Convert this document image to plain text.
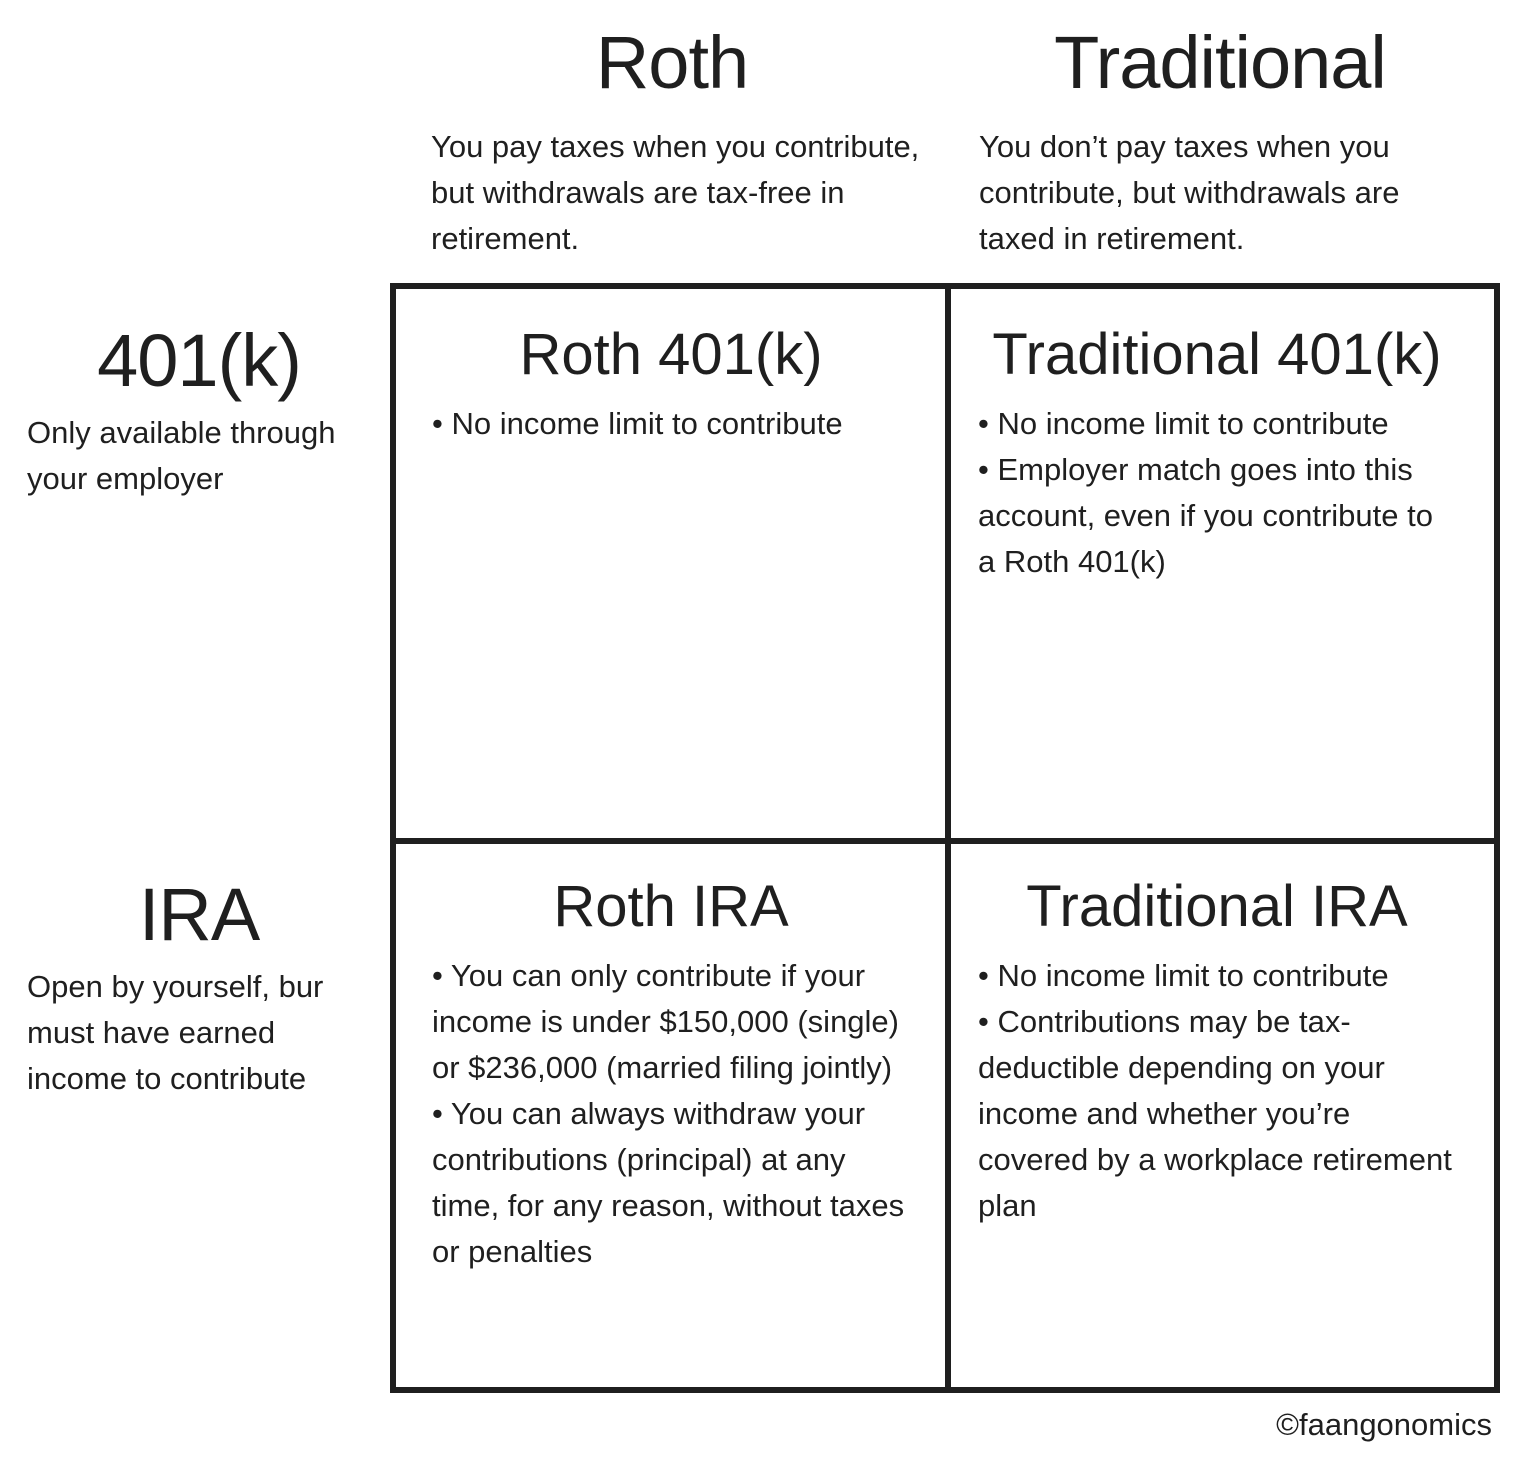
Roth
You pay taxes when you contribute, but withdrawals are tax-free in retirement.
Traditional
You don’t pay taxes when you contribute, but withdrawals are taxed in retirement.
401(k)
Only available through your employer
IRA
Open by yourself, bur must have earned income to contribute
Roth 401(k)
• No income limit to contribute
Traditional 401(k)
• No income limit to contribute
• Employer match goes into this account, even if you contribute to a Roth 401(k)
Roth IRA
• You can only contribute if your income is under $150,000 (single) or $236,000 (married filing jointly)
• You can always withdraw your contributions (principal) at any time, for any reason, without taxes or penalties
Traditional IRA
• No income limit to contribute
• Contributions may be tax-deductible depending on your income and whether you’re covered by a workplace retirement plan
©faangonomics
